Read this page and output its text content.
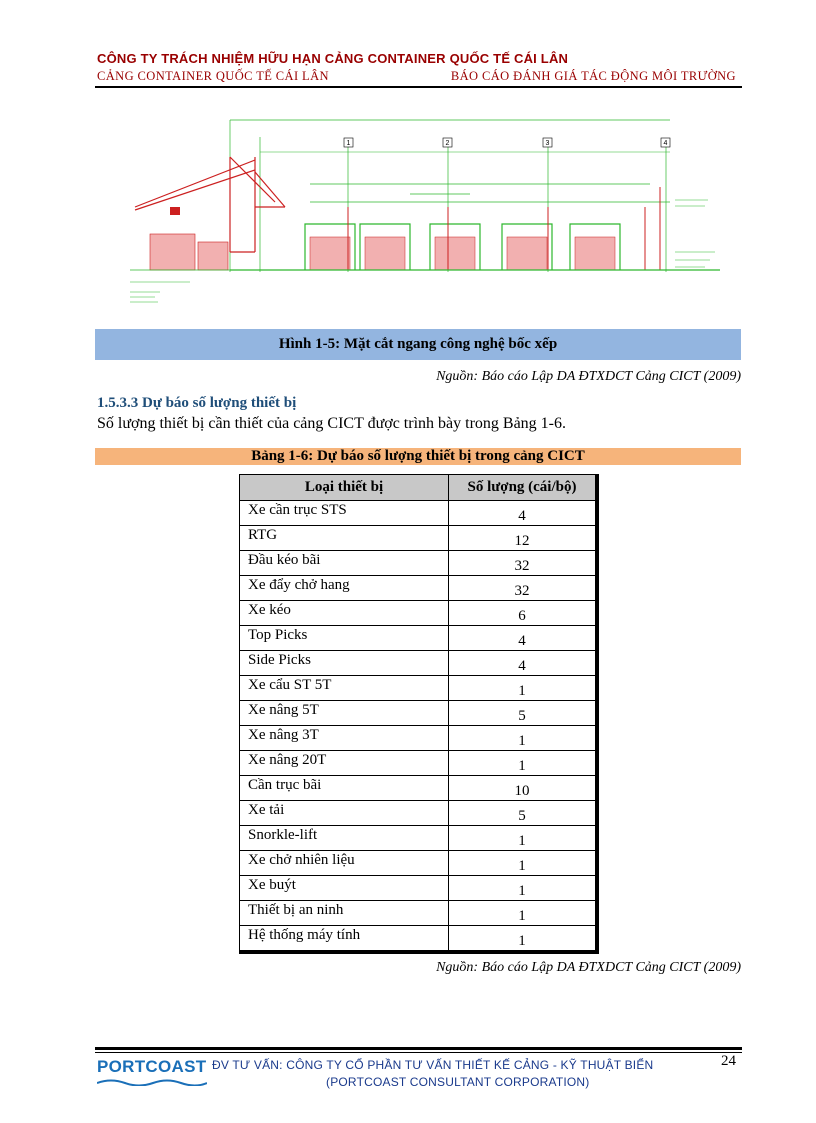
CÔNG TY TRÁCH NHIỆM HỮU HẠN CẢNG CONTAINER QUỐC TẾ CÁI LÂN
CẢNG CONTAINER QUỐC TẾ CÁI LÂN	BÁO CÁO ĐÁNH GIÁ TÁC ĐỘNG MÔI TRƯỜNG
1	2	3	4
Hình 1-5: Mặt cắt ngang công nghệ bốc xếp
Nguồn: Báo cáo Lập DA ĐTXDCT Cảng CICT (2009)
1.5.3.3 Dự báo số lượng thiết bị
Số lượng thiết bị cần thiết của cảng CICT được trình bày trong Bảng 1-6.
Bảng 1-6: Dự báo số lượng thiết bị trong cảng CICT
Loại thiết bị	Số lượng (cái/bộ)
Xe cần trục STS	4
RTG	12
Đầu kéo bãi	32
Xe đẩy chở hang	32
Xe kéo	6
Top Picks	4
Side Picks	4
Xe cẩu ST 5T	1
Xe nâng 5T	5
Xe nâng 3T	1
Xe nâng 20T	1
Cần trục bãi	10
Xe tải	5
Snorkle-lift	1
Xe chở nhiên liệu	1
Xe buýt	1
Thiết bị an ninh	1
Hệ thống máy tính	1
Nguồn: Báo cáo Lập DA ĐTXDCT Cảng CICT (2009)
PORTCOAST ĐV TƯ VẤN: CÔNG TY CỔ PHẦN TƯ VẤN THIẾT KẾ CẢNG - KỸ THUẬT BIỂN
(PORTCOAST CONSULTANT CORPORATION)
24
